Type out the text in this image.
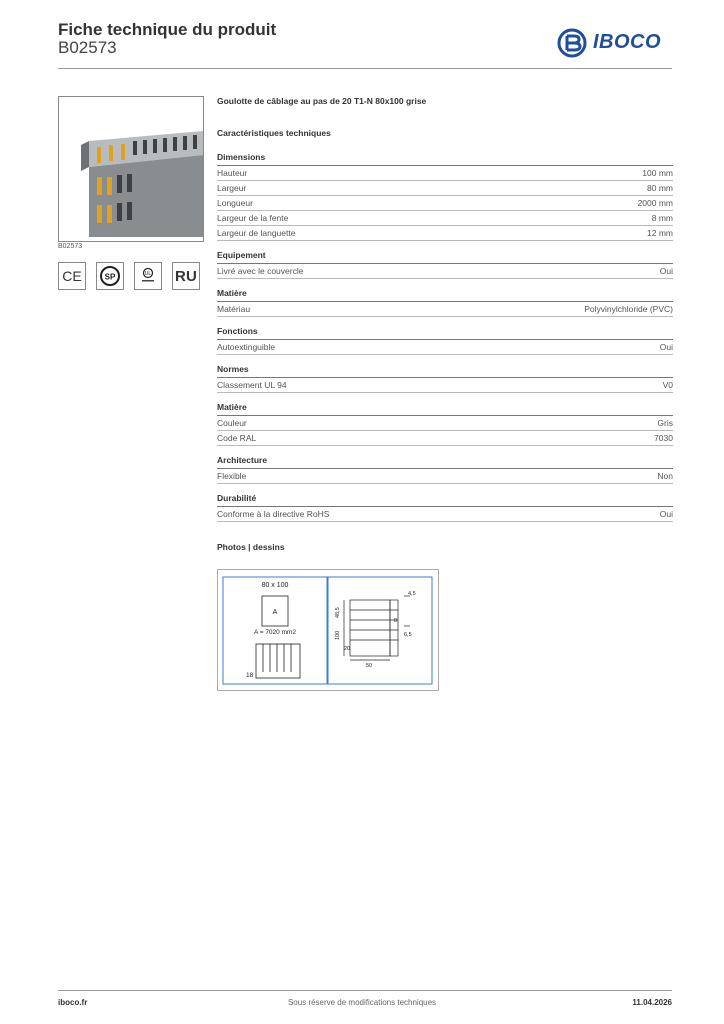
Fiche technique du produit
B02573	IBOCO
B02573
CE	SP	UL Я U
Goulotte de câblage au pas de 20 T1-N 80x100 grise
Caractéristiques techniques
Dimensions
Hauteur	100 mm
Largeur	80 mm
Longueur	2000 mm
Largeur de la fente	8 mm
Largeur de languette	12 mm
Equipement
Livré avec le couvercle	Oui
Matière
Matériau	Polyvinylchloride (PVC)
Fonctions
Autoextinguible	Oui
Normes
Classement UL 94	V0
Matière
Couleur	Gris
Code RAL	7030
Architecture
Flexible	Non
Durabilité
Conforme à la directive RoHS	Oui
Photos | dessins
80 x 100
A
A = 7020 mm2
18
4,5
6,5
8
48,5
100
20
50
iboco.fr	Sous réserve de modifications techniques	11.04.2026
